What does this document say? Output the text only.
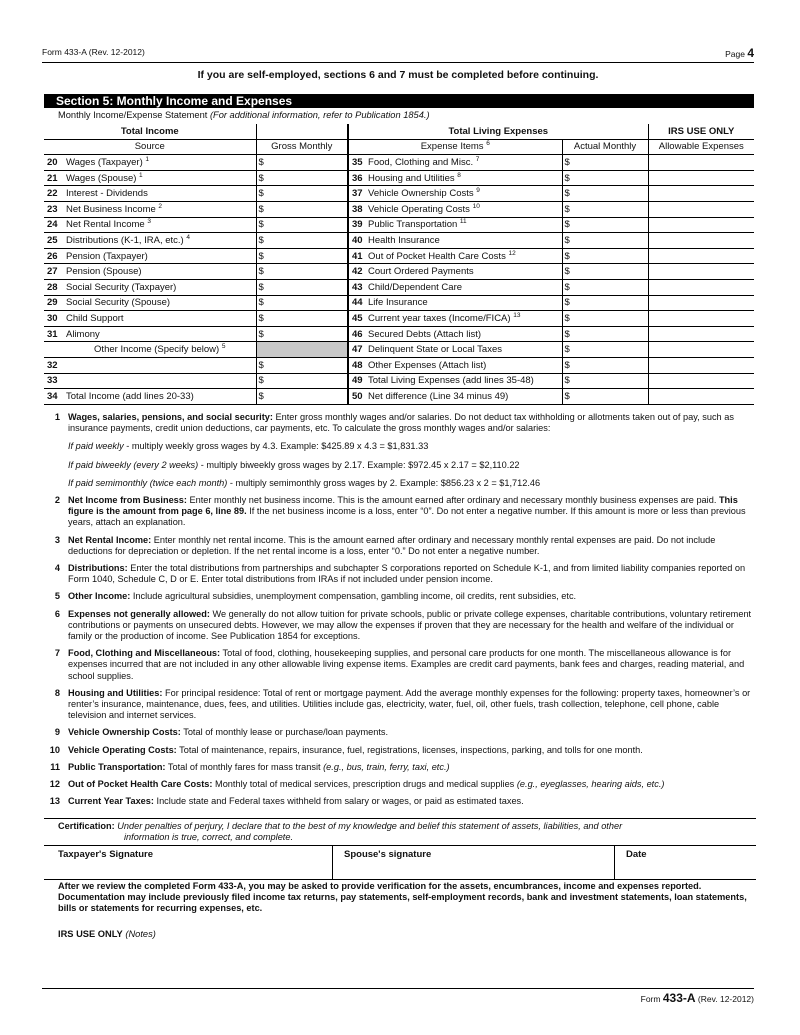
Form 433-A (Rev. 12-2012)	Page 4
If you are self-employed, sections 6 and 7 must be completed before continuing.
Section 5: Monthly Income and Expenses
Monthly Income/Expense Statement (For additional information, refer to Publication 1854.)
Total Income			Total Living Expenses			IRS USE ONLY
Source		Gross Monthly	Expense Items $^6$		Actual Monthly	Allowable Expenses
20	Wages (Taxpayer) $^1$	$	35	Food, Clothing and Misc. $^7$	$	
21	Wages (Spouse) $^1$	$	36	Housing and Utilities $^8$	$	
22	Interest - Dividends	$	37	Vehicle Ownership Costs $^9$	$	
23	Net Business Income $^2$	$	38	Vehicle Operating Costs $^{10}$	$	
24	Net Rental Income $^3$	$	39	Public Transportation $^{11}$	$	
25	Distributions (K-1, IRA, etc.) $^4$	$	40	Health Insurance	$	
26	Pension (Taxpayer)	$	41	Out of Pocket Health Care Costs $^{12}$	$	
27	Pension (Spouse)	$	42	Court Ordered Payments	$	
28	Social Security (Taxpayer)	$	43	Child/Dependent Care	$	
29	Social Security (Spouse)	$	44	Life Insurance	$	
30	Child Support	$	45	Current year taxes (Income/FICA) $^{13}$	$	
31	Alimony	$	46	Secured Debts (Attach list)	$	
	Other Income (Specify below) $^5$		47	Delinquent State or Local Taxes	$	
32		$	48	Other Expenses (Attach list)	$	
33		$	49	Total Living Expenses (add lines 35-48)	$	
34	Total Income (add lines 20-33)	$	50	Net difference (Line 34 minus 49)	$	
1 Wages, salaries, pensions, and social security: Enter gross monthly wages and/or salaries. Do not deduct tax withholding or allotments taken out of pay, such as insurance payments, credit union deductions, car payments, etc. To calculate the gross monthly wages and/or salaries:
If paid weekly - multiply weekly gross wages by 4.3. Example: $425.89 x 4.3 = $1,831.33
If paid biweekly (every 2 weeks) - multiply biweekly gross wages by 2.17. Example: $972.45 x 2.17 = $2,110.22
If paid semimonthly (twice each month) - multiply semimonthly gross wages by 2. Example: $856.23 x 2 = $1,712.46
2 Net Income from Business: Enter monthly net business income. This is the amount earned after ordinary and necessary monthly business expenses are paid. This figure is the amount from page 6, line 89. If the net business income is a loss, enter “0”. Do not enter a negative number. If this amount is more or less than previous years, attach an explanation.
3 Net Rental Income: Enter monthly net rental income. This is the amount earned after ordinary and necessary monthly rental expenses are paid. Do not include deductions for depreciation or depletion. If the net rental income is a loss, enter “0.” Do not enter a negative number.
4 Distributions: Enter the total distributions from partnerships and subchapter S corporations reported on Schedule K-1, and from limited liability companies reported on Form 1040, Schedule C, D or E. Enter total distributions from IRAs if not included under pension income.
5 Other Income: Include agricultural subsidies, unemployment compensation, gambling income, oil credits, rent subsidies, etc.
6 Expenses not generally allowed: We generally do not allow tuition for private schools, public or private college expenses, charitable contributions, voluntary retirement contributions or payments on unsecured debts. However, we may allow the expenses if proven that they are necessary for the health and welfare of the individual or family or the production of income. See Publication 1854 for exceptions.
7 Food, Clothing and Miscellaneous: Total of food, clothing, housekeeping supplies, and personal care products for one month. The miscellaneous allowance is for expenses incurred that are not included in any other allowable living expense items. Examples are credit card payments, bank fees and charges, reading material, and school supplies.
8 Housing and Utilities: For principal residence: Total of rent or mortgage payment. Add the average monthly expenses for the following: property taxes, homeowner’s or renter’s insurance, maintenance, dues, fees, and utilities. Utilities include gas, electricity, water, fuel, oil, other fuels, trash collection, telephone, cell phone, cable television and internet services.
9 Vehicle Ownership Costs: Total of monthly lease or purchase/loan payments.
10 Vehicle Operating Costs: Total of maintenance, repairs, insurance, fuel, registrations, licenses, inspections, parking, and tolls for one month.
11 Public Transportation: Total of monthly fares for mass transit (e.g., bus, train, ferry, taxi, etc.)
12 Out of Pocket Health Care Costs: Monthly total of medical services, prescription drugs and medical supplies (e.g., eyeglasses, hearing aids, etc.)
13 Current Year Taxes: Include state and Federal taxes withheld from salary or wages, or paid as estimated taxes.
Certification: Under penalties of perjury, I declare that to the best of my knowledge and belief this statement of assets, liabilities, and other
information is true, correct, and complete.
Taxpayer's Signature	Spouse's signature	Date
After we review the completed Form 433-A, you may be asked to provide verification for the assets, encumbrances, income and expenses reported. Documentation may include previously filed income tax returns, pay statements, self-employment records, bank and investment statements, loan statements, bills or statements for recurring expenses, etc.
IRS USE ONLY (Notes)
Form 433-A (Rev. 12-2012)
